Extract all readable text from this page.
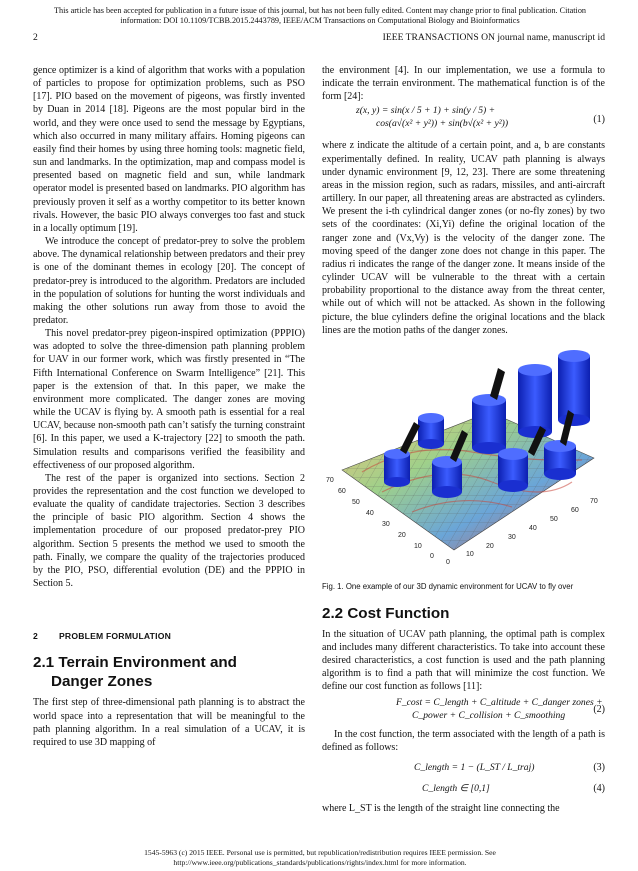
This article has been accepted for publication in a future issue of this journal, but has not been fully edited. Content may change prior to final publication. Citation
information: DOI 10.1109/TCBB.2015.2443789, IEEE/ACM Transactions on Computational Biology and Bioinformatics
2	IEEE TRANSACTIONS ON journal name, manuscript id

gence optimizer is a kind of algorithm that works with a population of particles to propose for optimization problems, such as PSO [17]. PIO based on the movement of pigeons, was firstly invented by Duan in 2014 [18]. Pigeons are the most popular bird in the world, and they were once used to send the message by Egyptians, which also occurred in many military affairs. Homing pigeons can easily find their homes by using three homing tools: magnetic field, sun and landmarks. In the optimization, map and compass model is presented based on magnetic field and sun, while landmark operator model is presented based on landmarks. PIO algorithm has previously proven it self as a worthy competitor to its better known rivals. However, the basic PIO always converges too fast and stuck in a locally optimum [19].

We introduce the concept of predator-prey to solve the problem above. The dynamical relationship between predators and their prey is one of the dominant themes in ecology [20]. The concept of predator-prey is introduced to the algorithm. Predators are included in the population of solutions for hunting the worst individuals and making the other solutions run away from those to avoid the predator.

This novel predator-prey pigeon-inspired optimization (PPPIO) was adopted to solve the three-dimension path planning problem for UAV in our former work, which was firstly presented in “The Fifth International Conference on Swarm Intelligence” [21]. This paper is the extension of that. In this paper, we make the environment more complicated. The danger zones are moving while the UCAV is flying by. A smooth path is essential for a real UCAV, because non-smooth path can’t satisfy the turning constraint [6]. In this paper, we used a K-trajectory [22] to smooth the path. Simulation results and comparisons verified the feasibility and effectiveness of our proposed algorithm.

The rest of the paper is organized into sections. Section 2 provides the representation and the cost function we developed to evaluate the quality of candidate trajectories. Section 3 describes the principle of basic PIO algorithm. Section 4 shows the implementation procedure of our proposed predator-prey PIO algorithm. Section 5 presents the method we used to smooth the path. Finally, we compare the quality of the trajectories produced by the PIO, PSO, differential evolution (DE) and the PPPIO in Section 5.

2 PROBLEM FORMULATION
2.1 Terrain Environment and
Danger Zones

The first step of three-dimensional path planning is to abstract the world space into a representation that will be meaningful to the path planning algorithm. In a real simulation of a UCAV, it is required to use 3D mapping of

the environment [4]. In our implementation, we use a formula to indicate the terrain environment. The mathematical function is of the form [24]:

z(x, y) = sin(x / 5 + 1) + sin(y / 5) +
cos(a√(x² + y²)) + sin(b√(x² + y²))	(1)

where z indicate the altitude of a certain point, and a, b are constants experimentally defined. In reality, UCAV path planning is always under dynamic environment [9, 12, 23]. There are some threatening areas in the mission region, such as radars, missiles, and anti-aircraft artillery. In our paper, all threatening areas are abstracted as cylinders. We present the i-th cylindrical danger zones (or no-fly zones) by two sets of the coordinates: (Xi,Yi) define the original location of the ranger zone and (Vx,Vy) is the velocity of the danger zone. The moving speed of the danger zone does not change in this paper. The radius ri indicates the range of the danger zone. It means inside of the cylinder UCAV will be vulnerable to the threat with a certain probability proportional to the distance away from the threat center, while out of which will not be attacked. As shown in the following picture, the blue cylinders define the original locations and the black lines are the motion paths of the danger zones.

0
10
20
30
40
50
60
70
0
10
20
30
40
50
60
70

Fig. 1. One example of our 3D dynamic environment for UCAV to fly over

2.2 Cost Function

In the situation of UCAV path planning, the optimal path is complex and includes many different characteristics. To take into account these desired characteristics, a cost function is used and the path planning algorithm is to find a path that will minimize the cost function. We define our cost function as follows [11]:

F_cost = C_length + C_altitude + C_danger zones +
C_power + C_collision + C_smoothing
(2)

In the cost function, the term associated with the length of a path is defined as follows:

C_length = 1 − (L_ST / L_traj)	(3)
C_length ∈ [0,1]	(4)

where L_ST is the length of the straight line connecting the

1545-5963 (c) 2015 IEEE. Personal use is permitted, but republication/redistribution requires IEEE permission. See
http://www.ieee.org/publications_standards/publications/rights/index.html for more information.
